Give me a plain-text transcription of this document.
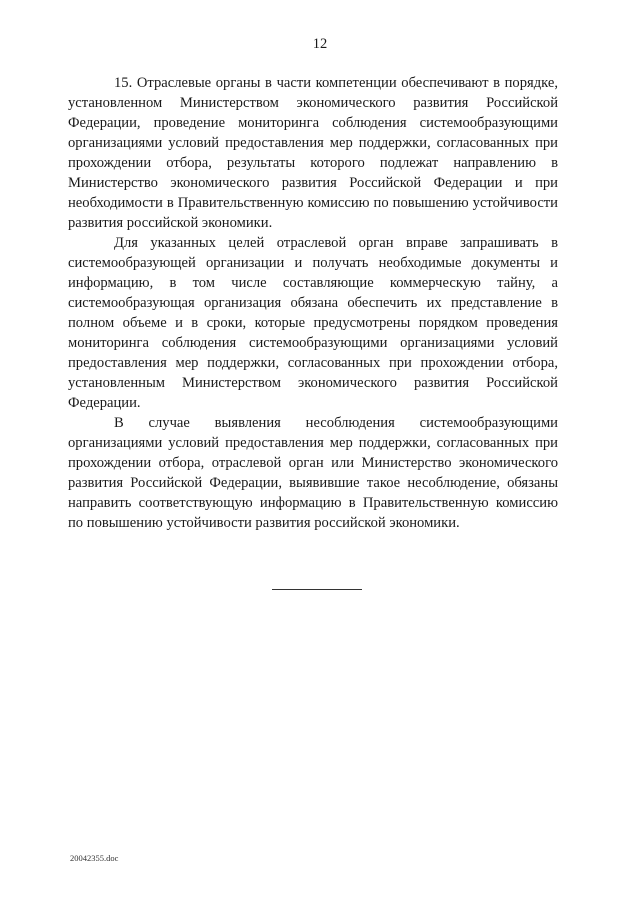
12

15. Отраслевые органы в части компетенции обеспечивают в порядке, установленном Министерством экономического развития Российской Федерации, проведение мониторинга соблюдения системообразующими организациями условий предоставления мер поддержки, согласованных при прохождении отбора, результаты которого подлежат направлению в Министерство экономического развития Российской Федерации и при необходимости в Правительственную комиссию по повышению устойчивости развития российской экономики.

Для указанных целей отраслевой орган вправе запрашивать в системообразующей организации и получать необходимые документы и информацию, в том числе составляющие коммерческую тайну, а системообразующая организация обязана обеспечить их представление в полном объеме и в сроки, которые предусмотрены порядком проведения мониторинга соблюдения системообразующими организациями условий предоставления мер поддержки, согласованных при прохождении отбора, установленным Министерством экономического развития Российской Федерации.

В случае выявления несоблюдения системообразующими организациями условий предоставления мер поддержки, согласованных при прохождении отбора, отраслевой орган или Министерство экономического развития Российской Федерации, выявившие такое несоблюдение, обязаны направить соответствующую информацию в Правительственную комиссию по повышению устойчивости развития российской экономики.

20042355.doc
